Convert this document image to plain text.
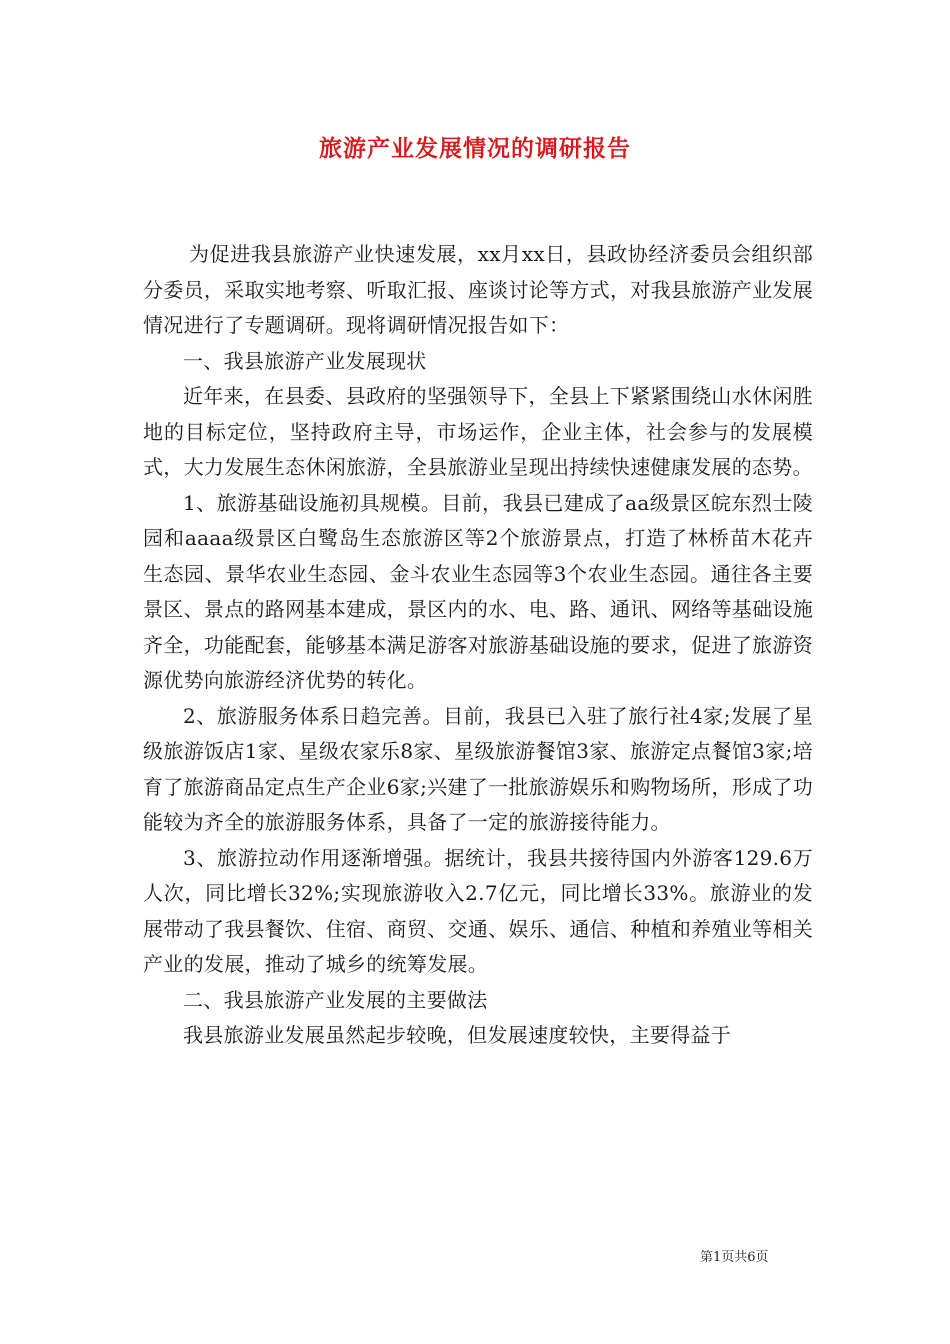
旅游产业发展情况的调研报告

为促进我县旅游产业快速发展，xx月xx日，县政协经济委员会组织部分委员，采取实地考察、听取汇报、座谈讨论等方式，对我县旅游产业发展情况进行了专题调研。现将调研情况报告如下：

一、我县旅游产业发展现状

近年来，在县委、县政府的坚强领导下，全县上下紧紧围绕山水休闲胜地的目标定位，坚持政府主导，市场运作，企业主体，社会参与的发展模式，大力发展生态休闲旅游，全县旅游业呈现出持续快速健康发展的态势。

1、旅游基础设施初具规模。目前，我县已建成了aa级景区皖东烈士陵园和aaaa级景区白鹭岛生态旅游区等2个旅游景点，打造了林桥苗木花卉生态园、景华农业生态园、金斗农业生态园等3个农业生态园。通往各主要景区、景点的路网基本建成，景区内的水、电、路、通讯、网络等基础设施齐全，功能配套，能够基本满足游客对旅游基础设施的要求，促进了旅游资源优势向旅游经济优势的转化。

2、旅游服务体系日趋完善。目前，我县已入驻了旅行社4家;发展了星级旅游饭店1家、星级农家乐8家、星级旅游餐馆3家、旅游定点餐馆3家;培育了旅游商品定点生产企业6家;兴建了一批旅游娱乐和购物场所，形成了功能较为齐全的旅游服务体系，具备了一定的旅游接待能力。

3、旅游拉动作用逐渐增强。据统计，我县共接待国内外游客129.6万人次，同比增长32%;实现旅游收入2.7亿元，同比增长33%。旅游业的发展带动了我县餐饮、住宿、商贸、交通、娱乐、通信、种植和养殖业等相关产业的发展，推动了城乡的统筹发展。

二、我县旅游产业发展的主要做法

我县旅游业发展虽然起步较晚，但发展速度较快，主要得益于

第1页共6页
